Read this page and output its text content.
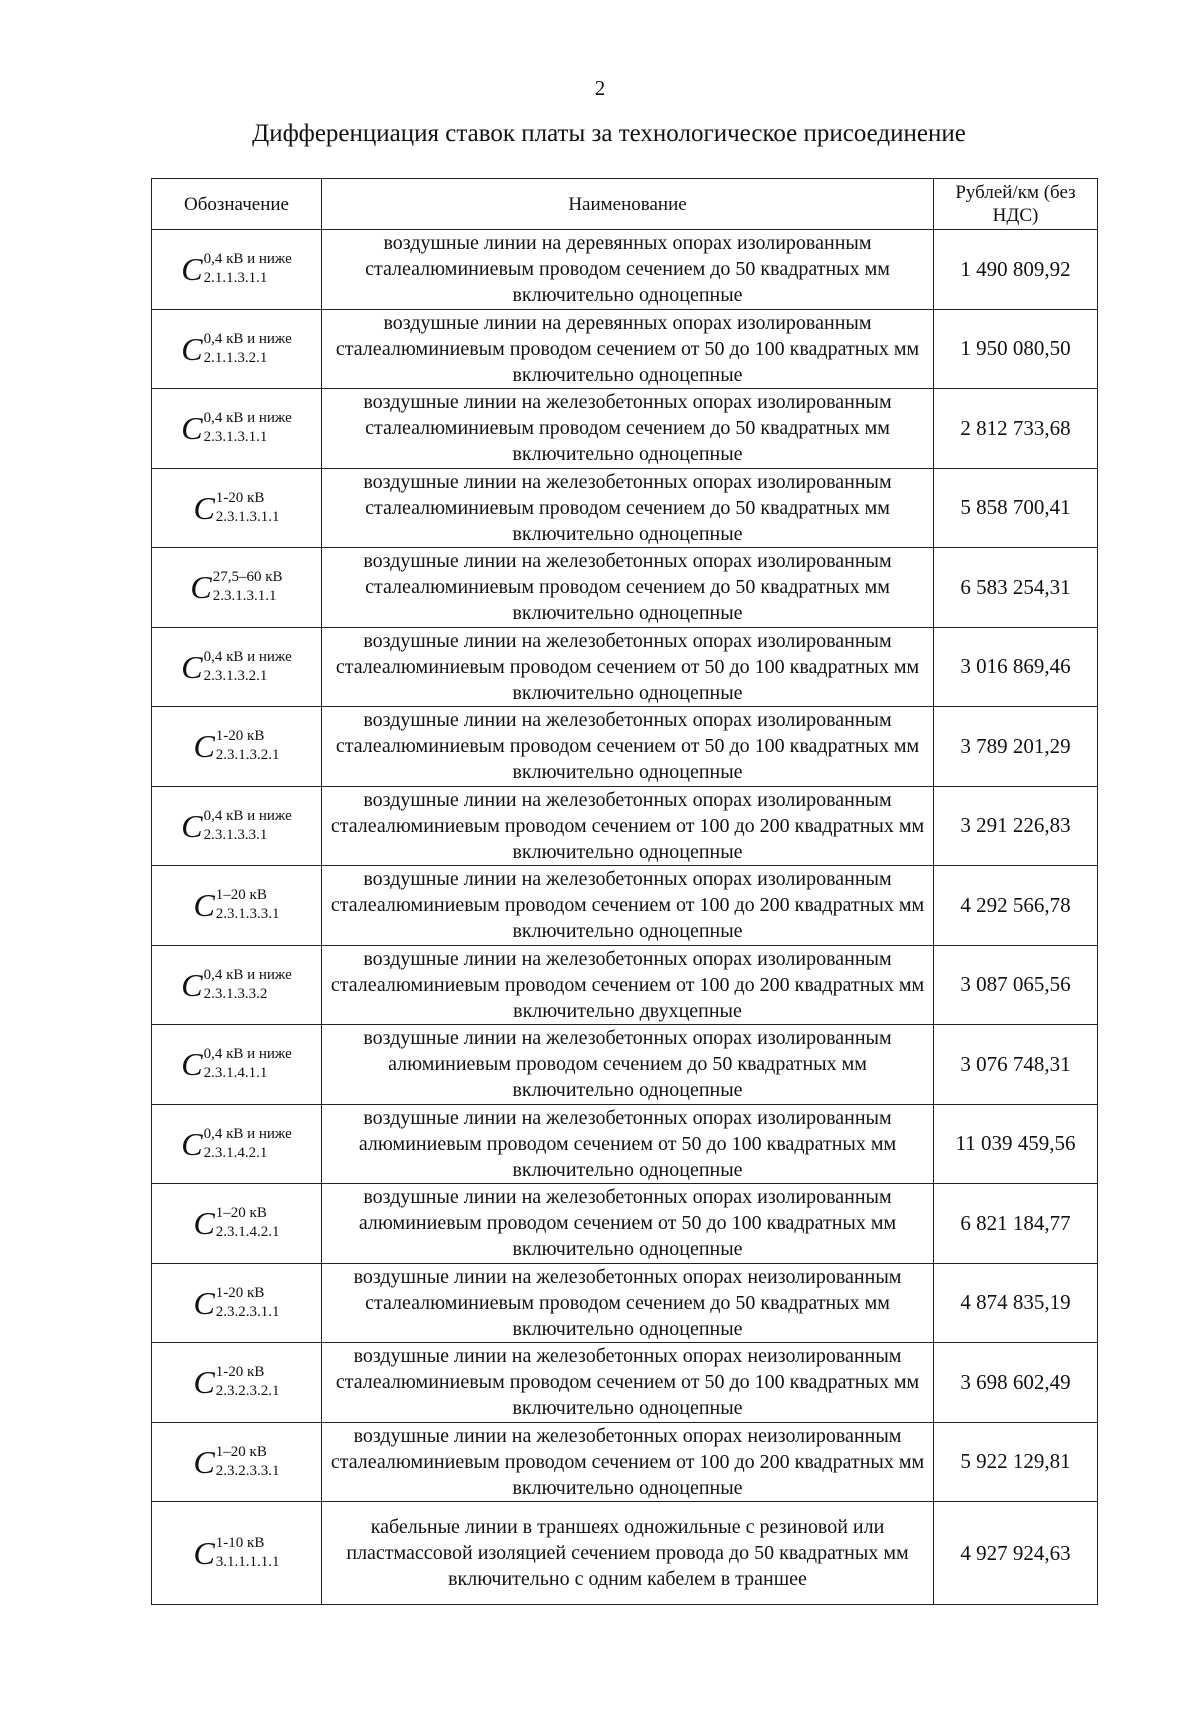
2
Дифференциация ставок платы за технологическое присоединение
Обозначение	Наименование	Рублей/км (без НДС)

C 0,4 кВ и ниже
2.1.1.3.1.1	воздушные линии на деревянных опорах изолированным сталеалюминиевым проводом сечением до 50 квадратных мм включительно одноцепные	1 490 809,92

C 0,4 кВ и ниже
2.1.1.3.2.1	воздушные линии на деревянных опорах изолированным сталеалюминиевым проводом сечением от 50 до 100 квадратных мм включительно одноцепные	1 950 080,50

C 0,4 кВ и ниже
2.3.1.3.1.1	воздушные линии на железобетонных опорах изолированным сталеалюминиевым проводом сечением до 50 квадратных мм включительно одноцепные	2 812 733,68

C 1-20 кВ
2.3.1.3.1.1	воздушные линии на железобетонных опорах изолированным сталеалюминиевым проводом сечением до 50 квадратных мм включительно одноцепные	5 858 700,41

C 27,5–60 кВ
2.3.1.3.1.1	воздушные линии на железобетонных опорах изолированным сталеалюминиевым проводом сечением до 50 квадратных мм включительно одноцепные	6 583 254,31

C 0,4 кВ и ниже
2.3.1.3.2.1	воздушные линии на железобетонных опорах изолированным сталеалюминиевым проводом сечением от 50 до 100 квадратных мм включительно одноцепные	3 016 869,46

C 1-20 кВ
2.3.1.3.2.1	воздушные линии на железобетонных опорах изолированным сталеалюминиевым проводом сечением от 50 до 100 квадратных мм включительно одноцепные	3 789 201,29

C 0,4 кВ и ниже
2.3.1.3.3.1	воздушные линии на железобетонных опорах изолированным сталеалюминиевым проводом сечением от 100 до 200 квадратных мм включительно одноцепные	3 291 226,83

C 1–20 кВ
2.3.1.3.3.1	воздушные линии на железобетонных опорах изолированным сталеалюминиевым проводом сечением от 100 до 200 квадратных мм включительно одноцепные	4 292 566,78

C 0,4 кВ и ниже
2.3.1.3.3.2	воздушные линии на железобетонных опорах изолированным сталеалюминиевым проводом сечением от 100 до 200 квадратных мм включительно двухцепные	3 087 065,56

C 0,4 кВ и ниже
2.3.1.4.1.1	воздушные линии на железобетонных опорах изолированным алюминиевым проводом сечением до 50 квадратных мм включительно одноцепные	3 076 748,31

C 0,4 кВ и ниже
2.3.1.4.2.1	воздушные линии на железобетонных опорах изолированным алюминиевым проводом сечением от 50 до 100 квадратных мм включительно одноцепные	11 039 459,56

C 1–20 кВ
2.3.1.4.2.1	воздушные линии на железобетонных опорах изолированным алюминиевым проводом сечением от 50 до 100 квадратных мм включительно одноцепные	6 821 184,77

C 1-20 кВ
2.3.2.3.1.1	воздушные линии на железобетонных опорах неизолированным сталеалюминиевым проводом сечением до 50 квадратных мм включительно одноцепные	4 874 835,19

C 1-20 кВ
2.3.2.3.2.1	воздушные линии на железобетонных опорах неизолированным сталеалюминиевым проводом сечением от 50 до 100 квадратных мм включительно одноцепные	3 698 602,49

C 1–20 кВ
2.3.2.3.3.1	воздушные линии на железобетонных опорах неизолированным сталеалюминиевым проводом сечением от 100 до 200 квадратных мм включительно одноцепные	5 922 129,81

C 1-10 кВ
3.1.1.1.1.1	кабельные линии в траншеях одножильные с резиновой или пластмассовой изоляцией сечением провода до 50 квадратных мм включительно с одним кабелем в траншее	4 927 924,63
